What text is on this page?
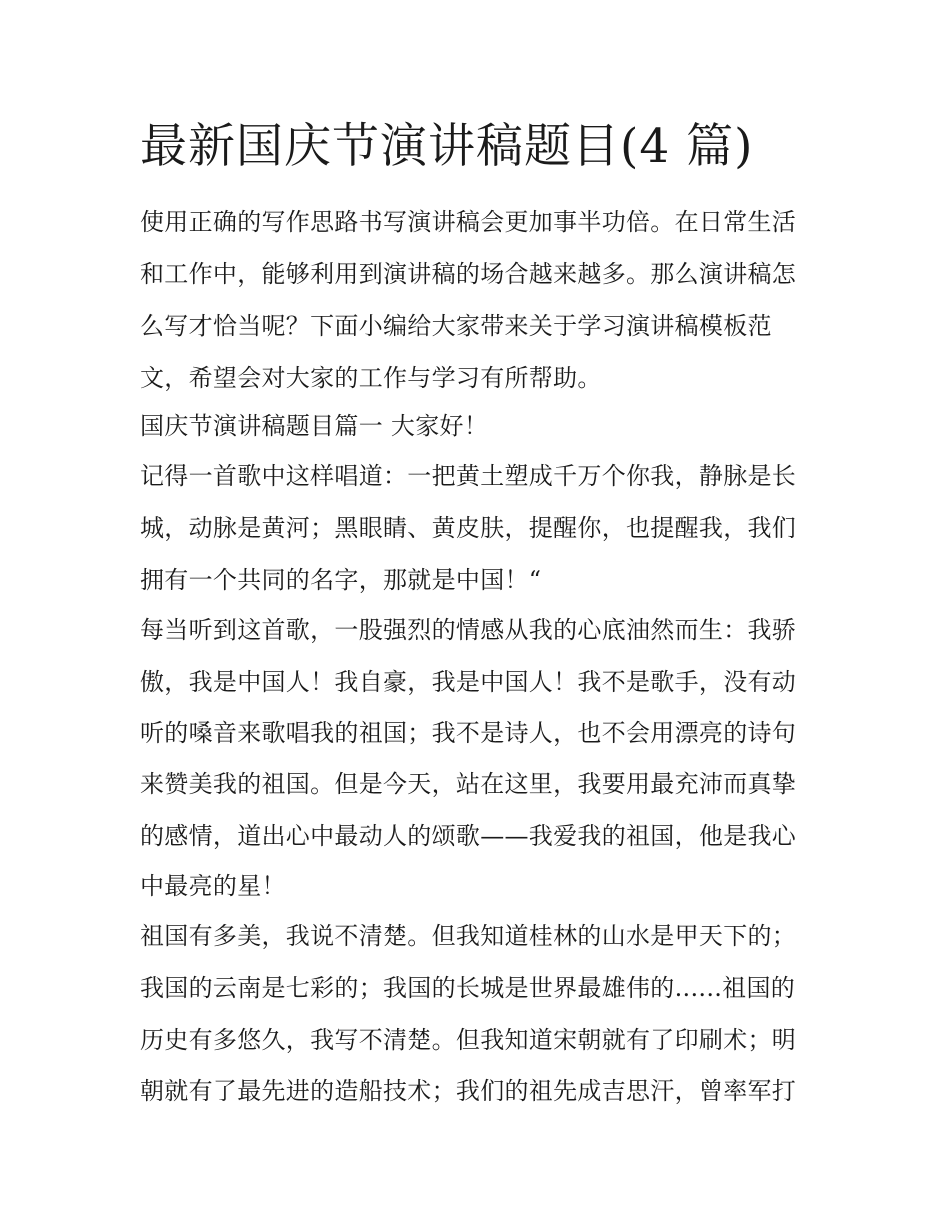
最新国庆节演讲稿题目(4 篇)

使用正确的写作思路书写演讲稿会更加事半功倍。在日常生活

和工作中，能够利用到演讲稿的场合越来越多。那么演讲稿怎

么写才恰当呢？下面小编给大家带来关于学习演讲稿模板范

文，希望会对大家的工作与学习有所帮助。

国庆节演讲稿题目篇一 大家好！

记得一首歌中这样唱道：一把黄土塑成千万个你我，静脉是长

城，动脉是黄河；黑眼睛、黄皮肤，提醒你，也提醒我，我们

拥有一个共同的名字，那就是中国！“

每当听到这首歌，一股强烈的情感从我的心底油然而生：我骄

傲，我是中国人！我自豪，我是中国人！我不是歌手，没有动

听的嗓音来歌唱我的祖国；我不是诗人，也不会用漂亮的诗句

来赞美我的祖国。但是今天，站在这里，我要用最充沛而真挚

的感情，道出心中最动人的颂歌——我爱我的祖国，他是我心

中最亮的星！

祖国有多美，我说不清楚。但我知道桂林的山水是甲天下的；

我国的云南是七彩的；我国的长城是世界最雄伟的......祖国的

历史有多悠久，我写不清楚。但我知道宋朝就有了印刷术；明

朝就有了最先进的造船技术；我们的祖先成吉思汗，曾率军打
